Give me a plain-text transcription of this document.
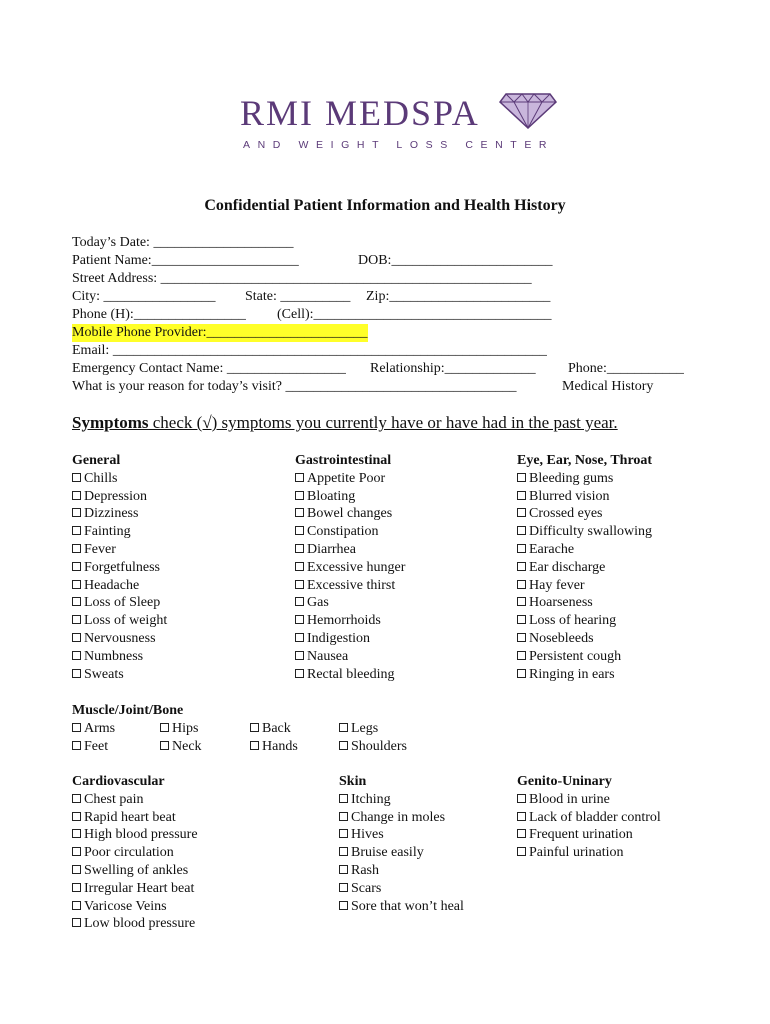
RMI MEDSPA
AND WEIGHT LOSS CENTER
Confidential Patient Information and Health History
Today’s Date: ____________________
Patient Name:_____________________	DOB:_______________________
Street Address: _____________________________________________________
City: ________________ State: __________ Zip:_______________________
Phone (H):________________ (Cell):__________________________________
Mobile Phone Provider:_______________________
Email: ______________________________________________________________
Emergency Contact Name: _________________ Relationship:_____________ Phone:___________
What is your reason for today’s visit? _________________________________	Medical History
Symptoms check (√) symptoms you currently have or have had in the past year.
General
Chills
Depression
Dizziness
Fainting
Fever
Forgetfulness
Headache
Loss of Sleep
Loss of weight
Nervousness
Numbness
Sweats
Gastrointestinal
Appetite Poor
Bloating
Bowel changes
Constipation
Diarrhea
Excessive hunger
Excessive thirst
Gas
Hemorrhoids
Indigestion
Nausea
Rectal bleeding
Eye, Ear, Nose, Throat
Bleeding gums
Blurred vision
Crossed eyes
Difficulty swallowing
Earache
Ear discharge
Hay fever
Hoarseness
Loss of hearing
Nosebleeds
Persistent cough
Ringing in ears
Muscle/Joint/Bone
Arms
Feet
Hips
Neck
Back
Hands
Legs
Shoulders
Cardiovascular
Chest pain
Rapid heart beat
High blood pressure
Poor circulation
Swelling of ankles
Irregular Heart beat
Varicose Veins
Low blood pressure
Skin
Itching
Change in moles
Hives
Bruise easily
Rash
Scars
Sore that won’t heal
Genito-Uninary
Blood in urine
Lack of bladder control
Frequent urination
Painful urination
